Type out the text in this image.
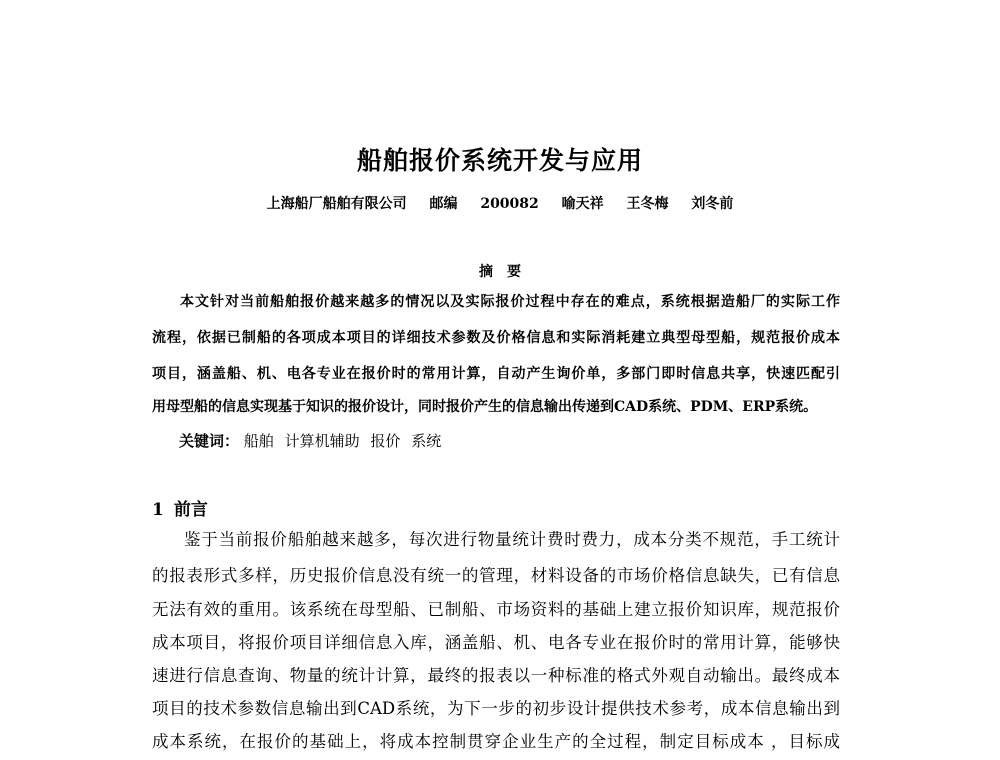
船舶报价系统开发与应用
上海船厂船舶有限公司 邮编 200082 喻天祥 王冬梅 刘冬前
摘要
本文针对当前船舶报价越来越多的情况以及实际报价过程中存在的难点，系统根据造船厂的实际工作
流程，依据已制船的各项成本项目的详细技术参数及价格信息和实际消耗建立典型母型船，规范报价成本
项目，涵盖船、机、电各专业在报价时的常用计算，自动产生询价单，多部门即时信息共享，快速匹配引
用母型船的信息实现基于知识的报价设计，同时报价产生的信息输出传递到CAD系统、PDM、ERP系统。
关键词： 船舶 计算机辅助 报价 系统
1 前言
鉴于当前报价船舶越来越多，每次进行物量统计费时费力，成本分类不规范，手工统计
的报表形式多样，历史报价信息没有统一的管理，材料设备的市场价格信息缺失，已有信息
无法有效的重用。该系统在母型船、已制船、市场资料的基础上建立报价知识库，规范报价
成本项目，将报价项目详细信息入库，涵盖船、机、电各专业在报价时的常用计算，能够快
速进行信息查询、物量的统计计算，最终的报表以一种标准的格式外观自动输出。最终成本
项目的技术参数信息输出到CAD系统，为下一步的初步设计提供技术参考，成本信息输出到
成本系统，在报价的基础上，将成本控制贯穿企业生产的全过程，制定目标成本 ，目标成
